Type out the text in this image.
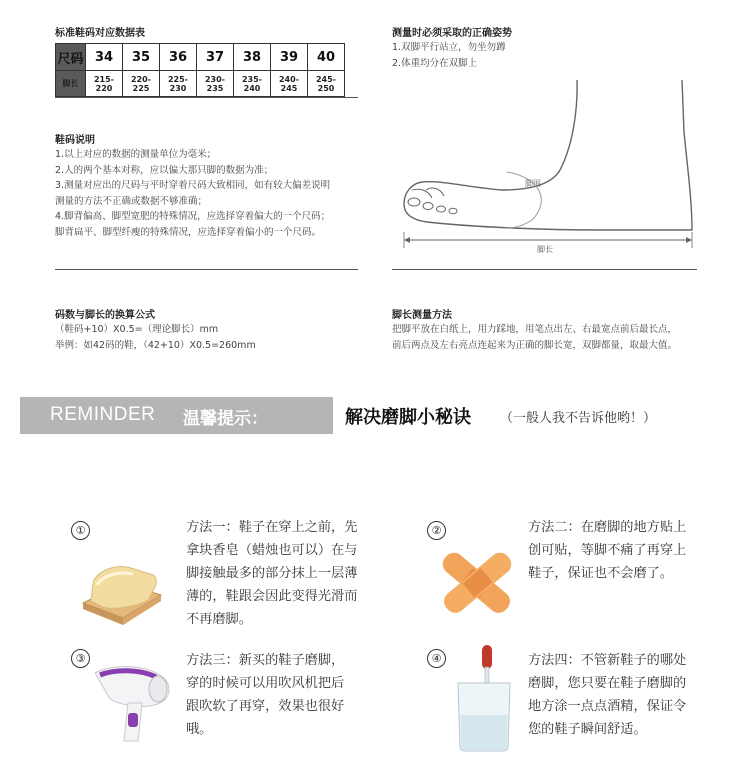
标准鞋码对应数据表
尺码	34	35	36	37	38	39	40
脚长	215-220	220-225	225-230	230-235	235-240	240-245	245-250
鞋码说明
1.以上对应的数据的测量单位为毫米；
2.人的两个基本对称，应以偏大那只脚的数据为准；
3.测量对应出的尺码与平时穿着尺码大致相同，如有较大偏差说明
测量的方法不正确或数据不够准确；
4.脚背偏高、脚型宽肥的特殊情况，应选择穿着偏大的一个尺码；
脚背扁平、脚型纤瘦的特殊情况，应选择穿着偏小的一个尺码。
码数与脚长的换算公式
（鞋码+10）X0.5=（理论脚长）mm
举例：如42码的鞋，（42+10）X0.5=260mm
测量时必须采取的正确姿势
1.双脚平行站立，勿坐勿蹲
2.体重均分在双脚上
脚围
脚长
脚长测量方法
把脚平放在白纸上，用力踩地，用笔点出左、右最宽点前后最长点，
前后两点及左右亮点连起来为正确的脚长宽，双脚都量，取最大值。
REMINDER 温馨提示：	解决磨脚小秘诀 （一般人我不告诉他哟！）
①	方法一：鞋子在穿上之前，先
拿块香皂（蜡烛也可以）在与
脚接触最多的部分抹上一层薄
薄的，鞋跟会因此变得光滑而
不再磨脚。
②	方法二：在磨脚的地方贴上
创可贴，等脚不痛了再穿上
鞋子，保证也不会磨了。
③	方法三：新买的鞋子磨脚，
穿的时候可以用吹风机把后
跟吹软了再穿，效果也很好
哦。
④	方法四：不管新鞋子的哪处
磨脚，您只要在鞋子磨脚的
地方涂一点点酒精，保证令
您的鞋子瞬间舒适。
